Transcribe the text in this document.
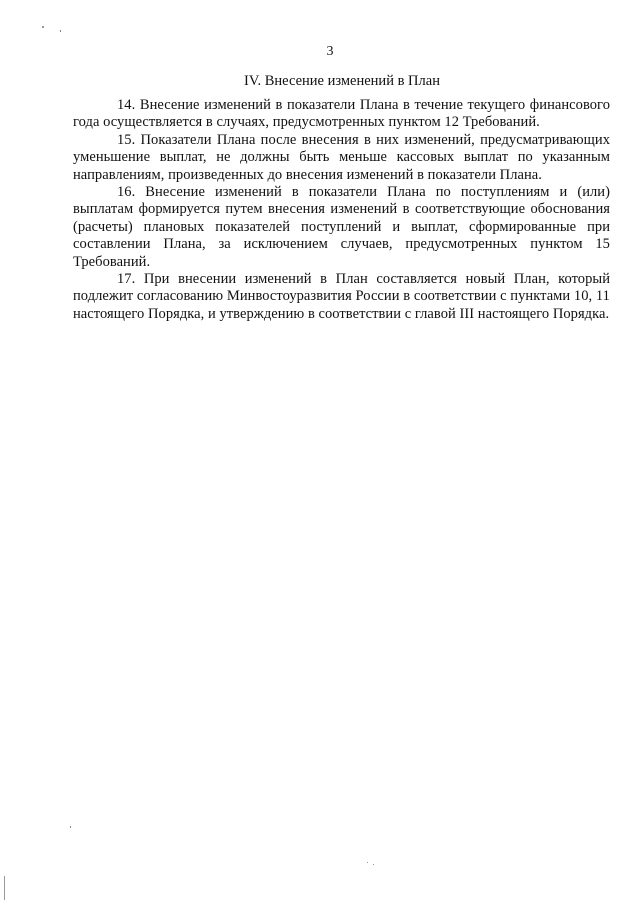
3
IV. Внесение изменений в План

14. Внесение изменений в показатели Плана в течение текущего финансового года осуществляется в случаях, предусмотренных пунктом 12 Требований.

15. Показатели Плана после внесения в них изменений, предусматривающих уменьшение выплат, не должны быть меньше кассовых выплат по указанным направлениям, произведенных до внесения изменений в показатели Плана.

16. Внесение изменений в показатели Плана по поступлениям и (или) выплатам формируется путем внесения изменений в соответствующие обоснования (расчеты) плановых показателей поступлений и выплат, сформированные при составлении Плана, за исключением случаев, предусмотренных пунктом 15 Требований.

17. При внесении изменений в План составляется новый План, который подлежит согласованию Минвостоуразвития России в соответствии с пунктами 10, 11 настоящего Порядка, и утверждению в соответствии с главой III настоящего Порядка.
